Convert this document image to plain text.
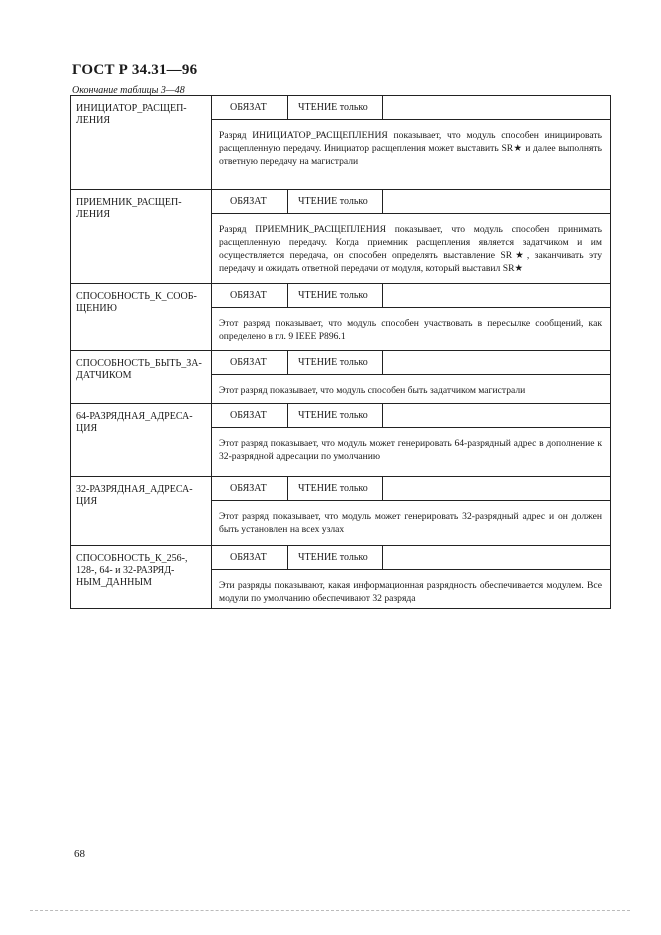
ГОСТ Р 34.31—96
Окончание таблицы 3—48
ИНИЦИАТОР_РАСЩЕП-
ЛЕНИЯ
ОБЯЗАТ	ЧТЕНИЕ только
Разряд ИНИЦИАТОР_РАСЩЕПЛЕНИЯ показывает, что модуль способен инициировать расщепленную передачу. Инициатор расщепления может выставить SR★ и далее выполнять ответную передачу на магистрали
ПРИЕМНИК_РАСЩЕП-
ЛЕНИЯ
ОБЯЗАТ	ЧТЕНИЕ только
Разряд ПРИЕМНИК_РАСЩЕПЛЕНИЯ показывает, что модуль способен принимать расщепленную передачу. Когда приемник расщепления является задатчиком и им осуществляется передача, он способен определять выставление SR★, заканчивать эту передачу и ожидать ответной передачи от модуля, который выставил SR★
СПОСОБНОСТЬ_К_СООБ-
ЩЕНИЮ
ОБЯЗАТ	ЧТЕНИЕ только
Этот разряд показывает, что модуль способен участвовать в пересылке сообщений, как определено в гл. 9 IEEE P896.1
СПОСОБНОСТЬ_БЫТЬ_ЗА-
ДАТЧИКОМ
ОБЯЗАТ	ЧТЕНИЕ только
Этот разряд показывает, что модуль способен быть задатчиком магистрали
64-РАЗРЯДНАЯ_АДРЕСА-
ЦИЯ
ОБЯЗАТ	ЧТЕНИЕ только
Этот разряд показывает, что модуль может генерировать 64-разрядный адрес в дополнение к 32-разрядной адресации по умолчанию
32-РАЗРЯДНАЯ_АДРЕСА-
ЦИЯ
ОБЯЗАТ	ЧТЕНИЕ только
Этот разряд показывает, что модуль может генерировать 32-разрядный адрес и он должен быть установлен на всех узлах
СПОСОБНОСТЬ_К_256-,
128-, 64- и 32-РАЗРЯД-
НЫМ_ДАННЫМ
ОБЯЗАТ	ЧТЕНИЕ только
Эти разряды показывают, какая информационная разрядность обеспечивается модулем. Все модули по умолчанию обеспечивают 32 разряда
68
